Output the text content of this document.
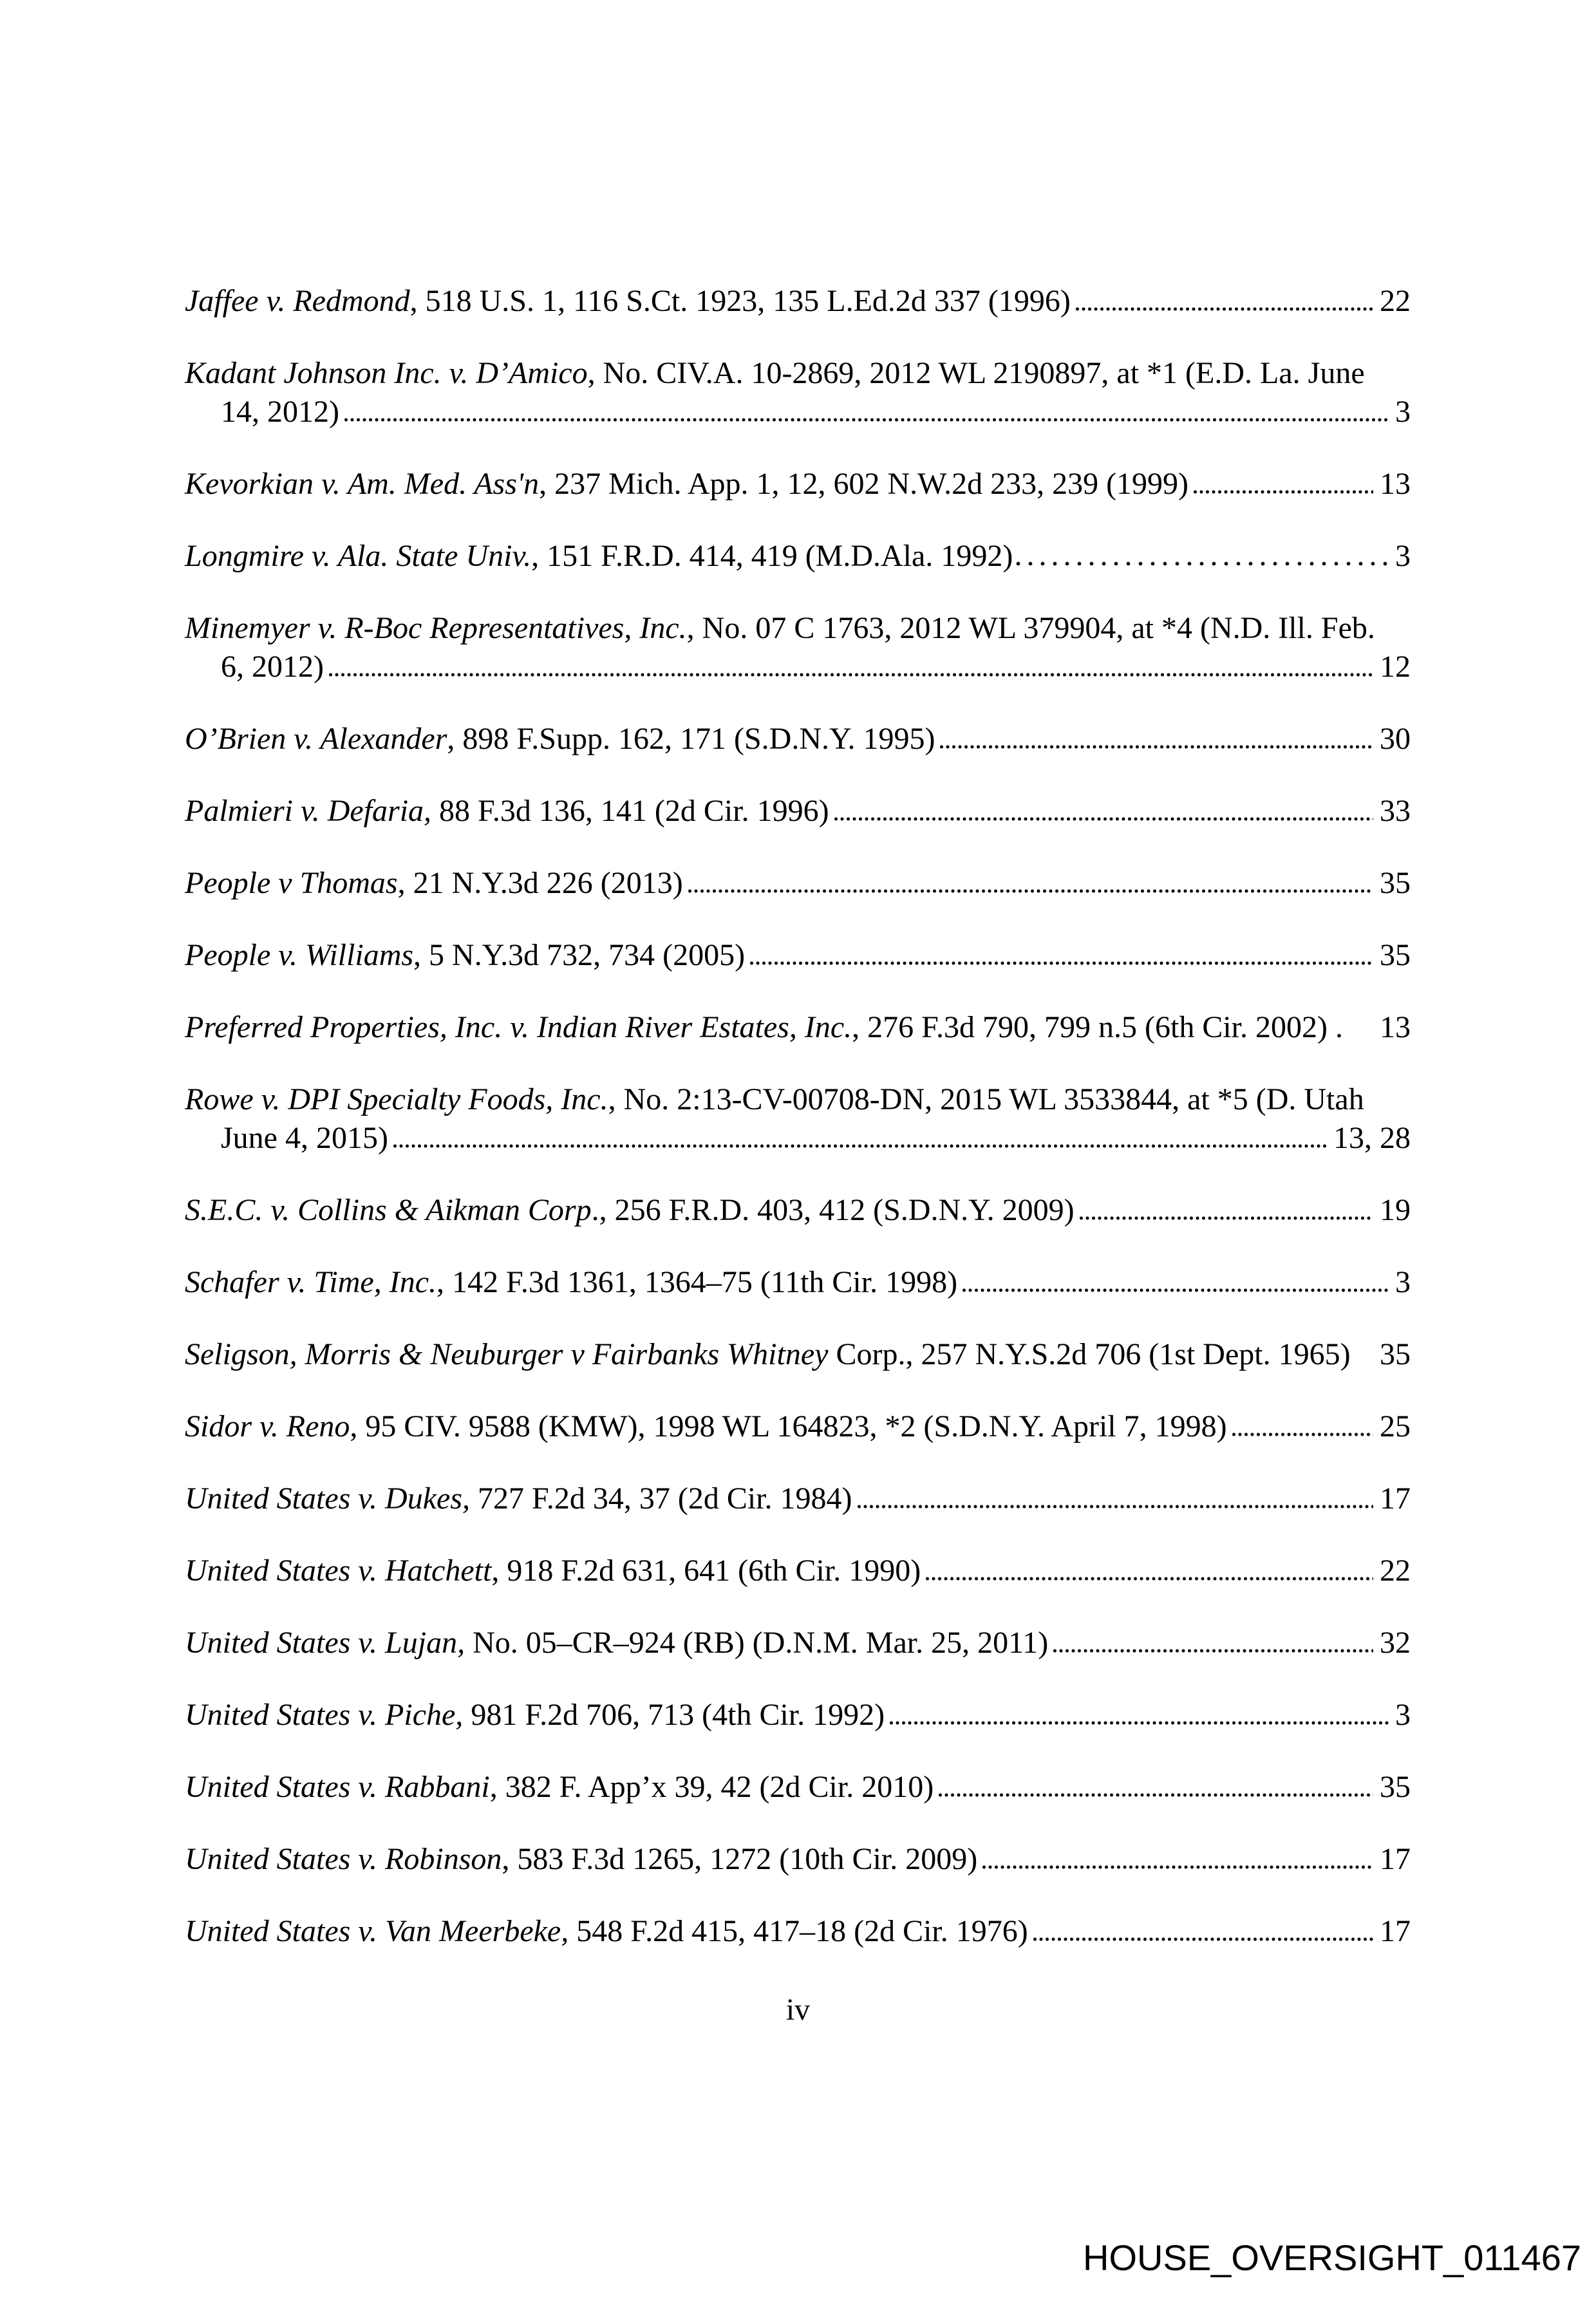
Jaffee v. Redmond, 518 U.S. 1, 116 S.Ct. 1923, 135 L.Ed.2d 337 (1996)	22
Kadant Johnson Inc. v. D’Amico, No. CIV.A. 10-2869, 2012 WL 2190897, at *1 (E.D. La. June
14, 2012)	3
Kevorkian v. Am. Med. Ass'n, 237 Mich. App. 1, 12, 602 N.W.2d 233, 239 (1999)	13
Longmire v. Ala. State Univ., 151 F.R.D. 414, 419 (M.D.Ala. 1992)	3
Minemyer v. R-Boc Representatives, Inc., No. 07 C 1763, 2012 WL 379904, at *4 (N.D. Ill. Feb.
6, 2012)	12
O’Brien v. Alexander, 898 F.Supp. 162, 171 (S.D.N.Y. 1995)	30
Palmieri v. Defaria, 88 F.3d 136, 141 (2d Cir. 1996)	33
People v Thomas, 21 N.Y.3d 226 (2013)	35
People v. Williams, 5 N.Y.3d 732, 734 (2005)	35
Preferred Properties, Inc. v. Indian River Estates, Inc., 276 F.3d 790, 799 n.5 (6th Cir. 2002) . 13
Rowe v. DPI Specialty Foods, Inc., No. 2:13-CV-00708-DN, 2015 WL 3533844, at *5 (D. Utah
June 4, 2015)	13, 28
S.E.C. v. Collins & Aikman Corp., 256 F.R.D. 403, 412 (S.D.N.Y. 2009)	19
Schafer v. Time, Inc., 142 F.3d 1361, 1364–75 (11th Cir. 1998)	3
Seligson, Morris & Neuburger v Fairbanks Whitney Corp., 257 N.Y.S.2d 706 (1st Dept. 1965) 35
Sidor v. Reno, 95 CIV. 9588 (KMW), 1998 WL 164823, *2 (S.D.N.Y. April 7, 1998)	25
United States v. Dukes, 727 F.2d 34, 37 (2d Cir. 1984)	17
United States v. Hatchett, 918 F.2d 631, 641 (6th Cir. 1990)	22
United States v. Lujan, No. 05–CR–924 (RB) (D.N.M. Mar. 25, 2011)	32
United States v. Piche, 981 F.2d 706, 713 (4th Cir. 1992)	3
United States v. Rabbani, 382 F. App’x 39, 42 (2d Cir. 2010)	35
United States v. Robinson, 583 F.3d 1265, 1272 (10th Cir. 2009)	17
United States v. Van Meerbeke, 548 F.2d 415, 417–18 (2d Cir. 1976)	17
iv
HOUSE_OVERSIGHT_011467
